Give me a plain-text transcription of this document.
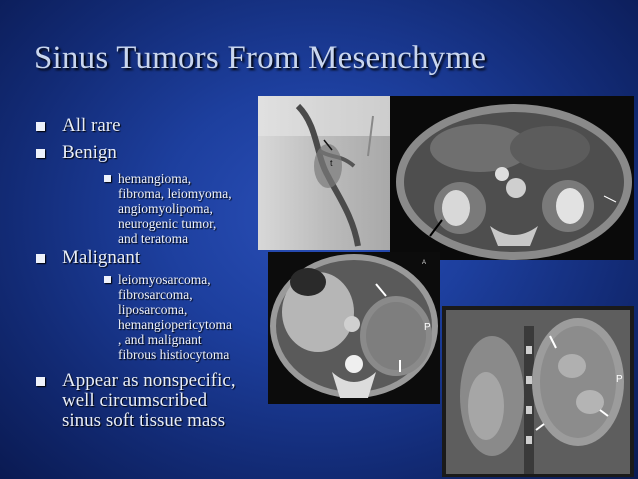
Sinus Tumors From Mesenchyme
All rare
Benign
hemangioma,
fibroma, leiomyoma,
angiomyolipoma,
neurogenic tumor,
and teratoma
Malignant
leiomyosarcoma,
fibrosarcoma,
liposarcoma,
hemangiopericytoma
, and malignant
fibrous histiocytoma
Appear as nonspecific,
well circumscribed
sinus soft tissue mass
t
P
A
P
